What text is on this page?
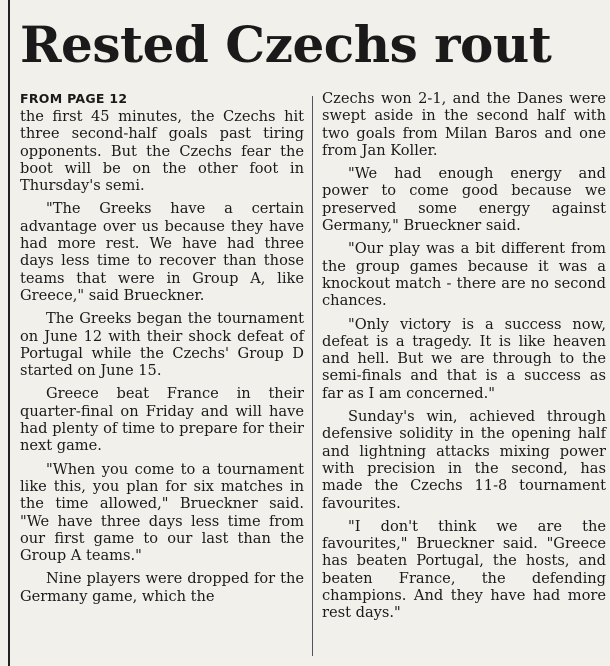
Rested Czechs rout
FROM PAGE 12

the first 45 minutes, the Czechs hit three second-half goals past tiring opponents. But the Czechs fear the boot will be on the other foot in Thursday's semi.

"The Greeks have a certain advantage over us because they have had more rest. We have had three days less time to recover than those teams that were in Group A, like Greece," said Brueckner.

The Greeks began the tournament on June 12 with their shock defeat of Portugal while the Czechs' Group D started on June 15.

Greece beat France in their quarter-final on Friday and will have had plenty of time to prepare for their next game.

"When you come to a tournament like this, you plan for six matches in the time allowed," Brueckner said. "We have three days less time from our first game to our last than the Group A teams."

Nine players were dropped for the Germany game, which the

Czechs won 2-1, and the Danes were swept aside in the second half with two goals from Milan Baros and one from Jan Koller.

"We had enough energy and power to come good because we preserved some energy against Germany," Brueckner said.

"Our play was a bit different from the group games because it was a knockout match - there are no second chances.

"Only victory is a success now, defeat is a tragedy. It is like heaven and hell. But we are through to the semi-finals and that is a success as far as I am concerned."

Sunday's win, achieved through defensive solidity in the opening half and lightning attacks mixing power with precision in the second, has made the Czechs 11-8 tournament favourites.

"I don't think we are the favourites," Brueckner said. "Greece has beaten Portugal, the hosts, and beaten France, the defending champions. And they have had more rest days."
